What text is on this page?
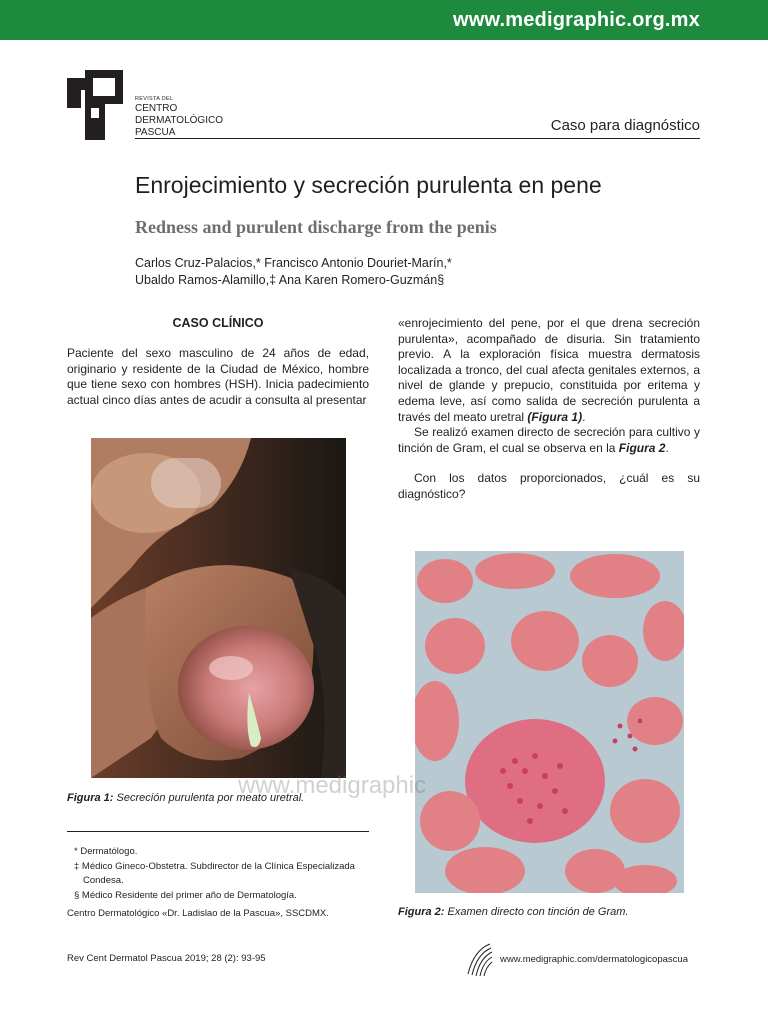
www.medigraphic.org.mx
REVISTA DEL
CENTRO
DERMATOLÓGICO
PASCUA	Caso para diagnóstico
Enrojecimiento y secreción purulenta en pene
Redness and purulent discharge from the penis
Carlos Cruz-Palacios,* Francisco Antonio Douriet-Marín,*
Ubaldo Ramos-Alamillo,‡ Ana Karen Romero-Guzmán§
CASO CLÍNICO

Paciente del sexo masculino de 24 años de edad, originario y residente de la Ciudad de México, hombre que tiene sexo con hombres (HSH). Inicia padecimiento actual cinco días antes de acudir a consulta al presentar

«enrojecimiento del pene, por el que drena secreción purulenta», acompañado de disuria. Sin tratamiento previo. A la exploración física muestra dermatosis localizada a tronco, del cual afecta genitales externos, a nivel de glande y prepucio, constituida por eritema y edema leve, así como salida de secreción purulenta a través del meato uretral (Figura 1).

Se realizó examen directo de secreción para cultivo y tinción de Gram, el cual se observa en la Figura 2.

Con los datos proporcionados, ¿cuál es su diagnóstico?

Figura 1: Secreción purulenta por meato uretral.
www.medigraphic
Figura 2: Examen directo con tinción de Gram.
* Dermatólogo.
‡ Médico Gineco-Obstetra. Subdirector de la Clínica Especializada
Condesa.
§ Médico Residente del primer año de Dermatología.
Centro Dermatológico «Dr. Ladislao de la Pascua», SSCDMX.
Rev Cent Dermatol Pascua 2019; 28 (2): 93-95	www.medigraphic.com/dermatologicopascua
